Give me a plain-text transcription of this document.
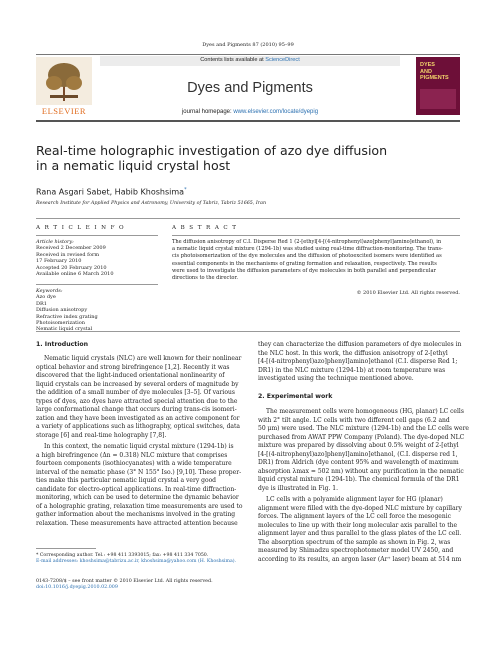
Dyes and Pigments 87 (2010) 95–99
ELSEVIER
Contents lists available at ScienceDirect
Dyes and Pigments
journal homepage: www.elsevier.com/locate/dyepig
DYES
AND
PIGMENTS
Real-time holographic investigation of azo dye diffusion
in a nematic liquid crystal host
Rana Asgari Sabet, Habib Khoshsima*
Research Institute for Applied Physics and Astronomy, University of Tabriz, Tabriz 51665, Iran
A R T I C L E I N F O
Article history:
Received 2 December 2009
Received in revised form
17 February 2010
Accepted 20 February 2010
Available online 6 March 2010
Keywords:
Azo dye
DR1
Diffusion anisotropy
Refractive index grating
Photoisomerization
Nematic liquid crystal
A B S T R A C T
The diffusion anisotropy of C.I. Disperse Red 1 (2-[ethyl[4-[(4-nitrophenyl)azo]phenyl]amino]ethanol), in
a nematic liquid crystal mixture (1294-1b) was studied using real-time diffraction-monitoring. The trans-
cis photoisomerization of the dye molecules and the diffusion of photoexcited isomers were identified as
essential components in the mechanisms of grating formation and relaxation, respectively. The results
were used to investigate the diffusion parameters of dye molecules in both parallel and perpendicular
directions to the director.
© 2010 Elsevier Ltd. All rights reserved.
1. Introduction
Nematic liquid crystals (NLC) are well known for their nonlinear
optical behavior and strong birefringence [1,2]. Recently it was
discovered that the light-induced orientational nonlinearity of
liquid crystals can be increased by several orders of magnitude by
the addition of a small number of dye molecules [3–5]. Of various
types of dyes, azo dyes have attracted special attention due to the
large conformational change that occurs during trans-cis isomeri-
zation and they have been investigated as an active component for
a variety of applications such as lithography, optical switches, data
storage [6] and real-time holography [7,8].
In this context, the nematic liquid crystal mixture (1294-1b) is
a high birefringence (Δn = 0.318) NLC mixture that comprises
fourteen components (isothiocyanates) with a wide temperature
interval of the nematic phase (3° N 155° Iso.) [9,10]. These proper-
ties make this particular nematic liquid crystal a very good
candidate for electro-optical applications. In real-time diffraction-
monitoring, which can be used to determine the dynamic behavior
of a holographic grating, relaxation time measurements are used to
gather information about the mechanisms involved in the grating
relaxation. These measurements have attracted attention because
* Corresponding author. Tel.: +98 411 3393015; fax: +98 411 334 7050.
E-mail addresses: khoshsima@tabrizu.ac.ir, khoshsima@yahoo.com (H. Khoshsima).
they can characterize the diffusion parameters of dye molecules in
the NLC host. In this work, the diffusion anisotropy of 2-[ethyl
[4-[(4-nitrophenyl)azo]phenyl]amino]ethanol (C.I. disperse Red 1;
DR1) in the NLC mixture (1294-1b) at room temperature was
investigated using the technique mentioned above.
2. Experimental work
The measurement cells were homogeneous (HG, planar) LC cells
with 2° tilt angle. LC cells with two different cell gaps (6.2 and
50 μm) were used. The NLC mixture (1294-1b) and the LC cells were
purchased from AWAT PPW Company (Poland). The dye-doped NLC
mixture was prepared by dissolving about 0.5% weight of 2-[ethyl
[4-[(4-nitrophenyl)azo]phenyl]amino]ethanol, (C.I. disperse red 1,
DR1) from Aldrich (dye content 95% and wavelength of maximum
absorption λmax = 502 nm) without any purification in the nematic
liquid crystal mixture (1294-1b). The chemical formula of the DR1
dye is illustrated in Fig. 1.
LC cells with a polyamide alignment layer for HG (planar)
alignment were filled with the dye-doped NLC mixture by capillary
forces. The alignment layers of the LC cell force the mesogenic
molecules to line up with their long molecular axis parallel to the
alignment layer and thus parallel to the glass plates of the LC cell.
The absorption spectrum of the sample as shown in Fig. 2, was
measured by Shimadzu spectrophotometer model UV 2450, and
according to its results, an argon laser (Ar⁺ laser) beam at 514 nm
0143-7208/$ – see front matter © 2010 Elsevier Ltd. All rights reserved.
doi:10.1016/j.dyepig.2010.02.009
